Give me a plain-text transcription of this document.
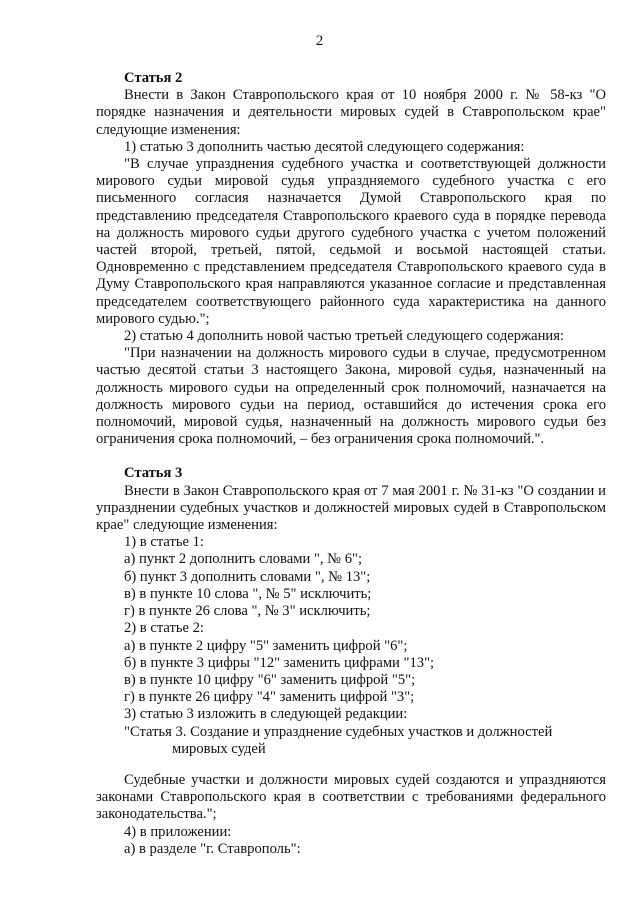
2

Статья 2

Внести в Закон Ставропольского края от 10 ноября 2000 г. № 58-кз "О порядке назначения и деятельности мировых судей в Ставропольском крае" следующие изменения:

1) статью 3 дополнить частью десятой следующего содержания:

"В случае упразднения судебного участка и соответствующей должности мирового судьи мировой судья упраздняемого судебного участка с его письменного согласия назначается Думой Ставропольского края по представлению председателя Ставропольского краевого суда в порядке перевода на должность мирового судьи другого судебного участка с учетом положений частей второй, третьей, пятой, седьмой и восьмой настоящей статьи. Одновременно с представлением председателя Ставропольского краевого суда в Думу Ставропольского края направляются указанное согласие и представленная председателем соответствующего районного суда характеристика на данного мирового судью.";

2) статью 4 дополнить новой частью третьей следующего содержания:

"При назначении на должность мирового судьи в случае, предусмотренном частью десятой статьи 3 настоящего Закона, мировой судья, назначенный на должность мирового судьи на определенный срок полномочий, назначается на должность мирового судьи на период, оставшийся до истечения срока его полномочий, мировой судья, назначенный на должность мирового судьи без ограничения срока полномочий, – без ограничения срока полномочий.".

Статья 3

Внести в Закон Ставропольского края от 7 мая 2001 г. № 31-кз "О создании и упразднении судебных участков и должностей мировых судей в Ставропольском крае" следующие изменения:

1) в статье 1:

а) пункт 2 дополнить словами ", № 6";

б) пункт 3 дополнить словами ", № 13";

в) в пункте 10 слова ", № 5" исключить;

г) в пункте 26 слова ", № 3" исключить;

2) в статье 2:

а) в пункте 2 цифру "5" заменить цифрой "6";

б) в пункте 3 цифры "12" заменить цифрами "13";

в) в пункте 10 цифру "6" заменить цифрой "5";

г) в пункте 26 цифру "4" заменить цифрой "3";

3) статью 3 изложить в следующей редакции:

"Статья 3. Создание и упразднение судебных участков и должностей

мировых судей

Судебные участки и должности мировых судей создаются и упраздняются законами Ставропольского края в соответствии с требованиями федерального законодательства.";

4) в приложении:

а) в разделе "г. Ставрополь":
